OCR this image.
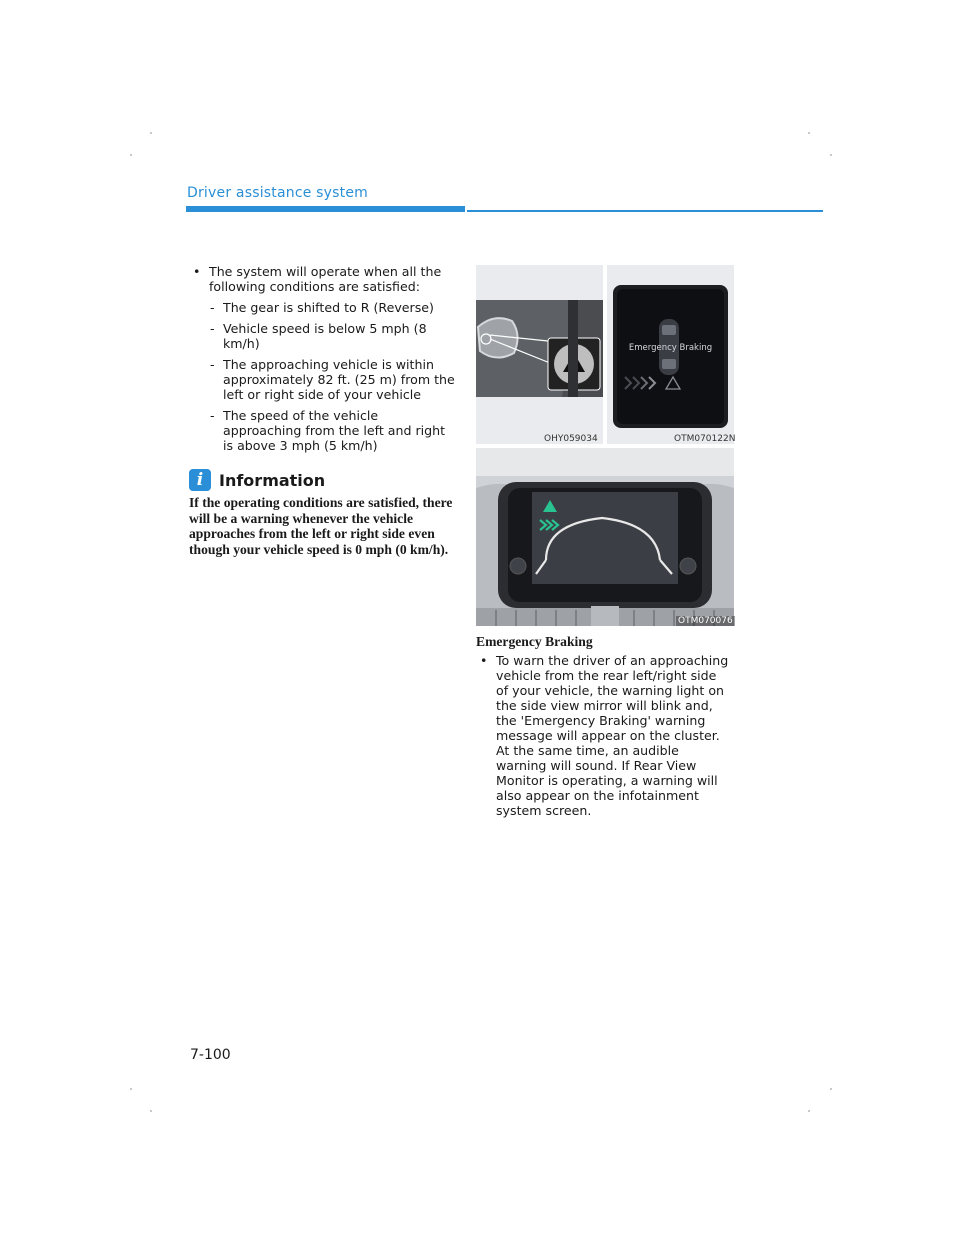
Driver assistance system
• The system will operate when all the following conditions are satisfied:
- The gear is shifted to R (Reverse)
- Vehicle speed is below 5 mph (8 km/h)
- The approaching vehicle is within approximately 82 ft. (25 m) from the left or right side of your vehicle
- The speed of the vehicle approaching from the left and right is above 3 mph (5 km/h)
i Information
If the operating conditions are satisfied, there will be a warning whenever the vehicle approaches from the left or right side even though your vehicle speed is 0 mph (0 km/h).
OHY059034
Emergency Braking
OTM070122N
OTM070076
Emergency Braking
• To warn the driver of an approaching vehicle from the rear left/right side of your vehicle, the warning light on the side view mirror will blink and, the 'Emergency Braking' warning message will appear on the cluster. At the same time, an audible warning will sound. If Rear View Monitor is operating, a warning will also appear on the infotainment system screen.
7-100
